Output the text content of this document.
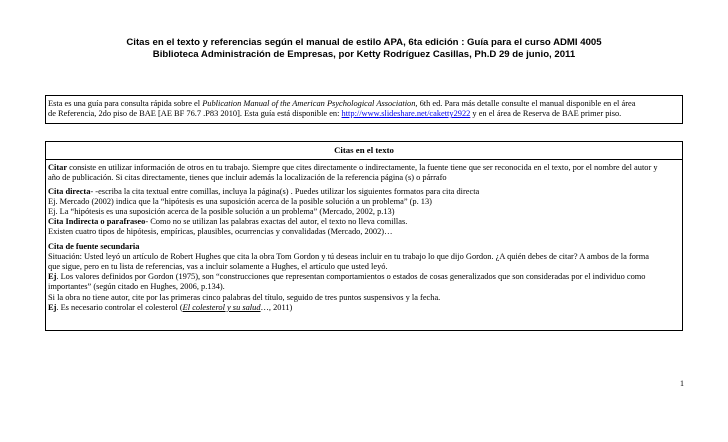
Citas en el texto y referencias según el manual de estilo APA, 6ta edición : Guía para el curso ADMI 4005
Biblioteca Administración de Empresas, por Ketty Rodríguez Casillas, Ph.D 29 de junio, 2011

Esta es una guía para consulta rápida sobre el Publication Manual of the American Psychological Association, 6th ed. Para más detalle consulte el manual disponible en el área

de Referencia, 2do piso de BAE [AE BF 76.7 .P83 2010]. Esta guía está disponible en: http://www.slideshare.net/caketty2922 y en el área de Reserva de BAE primer piso.

Citas en el texto

Citar consiste en utilizar información de otros en tu trabajo. Siempre que cites directamente o indirectamente, la fuente tiene que ser reconocida en el texto, por el nombre del autor y

año de publicación. Si citas directamente, tienes que incluir además la localización de la referencia página (s) o párrafo

Cita directa- -escriba la cita textual entre comillas, incluya la página(s) . Puedes utilizar los siguientes formatos para cita directa

Ej. Mercado (2002) indica que la “hipótesis es una suposición acerca de la posible solución a un problema” (p. 13)

Ej. La “hipótesis es una suposición acerca de la posible solución a un problema” (Mercado, 2002, p.13)

Cita Indirecta o parafraseo- Como no se utilizan las palabras exactas del autor, el texto no lleva comillas.

Existen cuatro tipos de hipótesis, empíricas, plausibles, ocurrencias y convalidadas (Mercado, 2002)…

Cita de fuente secundaria

Situación: Usted leyó un artículo de Robert Hughes que cita la obra Tom Gordon y tú deseas incluir en tu trabajo lo que dijo Gordon. ¿A quién debes de citar? A ambos de la forma

que sigue, pero en tu lista de referencias, vas a incluir solamente a Hughes, el artículo que usted leyó.

Ej. Los valores definidos por Gordon (1975), son “construcciones que representan comportamientos o estados de cosas generalizados que son consideradas por el individuo como

importantes” (según citado en Hughes, 2006, p.134).

Si la obra no tiene autor, cite por las primeras cinco palabras del título, seguido de tres puntos suspensivos y la fecha.

Ej. Es necesario controlar el colesterol (El colesterol y su salud…, 2011)

1
